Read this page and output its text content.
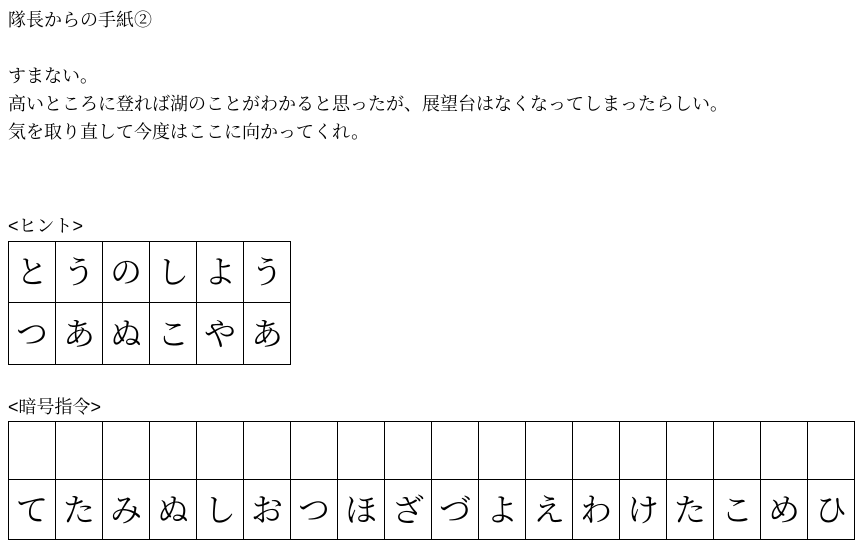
隊長からの手紙②
すまない。
高いところに登れば湖のことがわかると思ったが、展望台はなくなってしまったらしい。
気を取り直して今度はここに向かってくれ。
<ヒント>
と	う	の	し	よ	う
つ	あ	ぬ	こ	や	あ
<暗号指令>

て	た	み	ぬ	し	お	つ	ほ	ざ	づ	よ	え	わ	け	た	こ	め	ひ
